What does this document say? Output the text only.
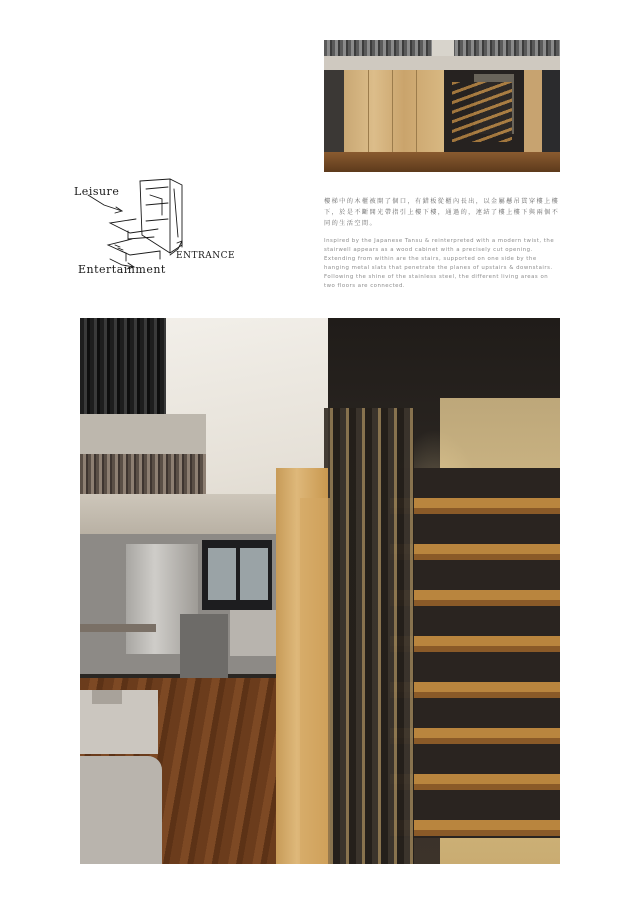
Leisure
ENTRANCE
Entertainment

樓梯中的木櫃被開了個口，有錯板從櫃內長出，以金屬懸吊貫穿樓上樓下，於是不斷開光帶指引上樓下樓，通過的，連結了樓上樓下與兩個不同的生活空間。

Inspired by the Japanese Tansu & reinterpreted with a modern twist, the stairwell appears as a wood cabinet with a precisely cut opening. Extending from within are the stairs, supported on one side by the hanging metal slats that penetrate the planes of upstairs & downstairs. Following the shine of the stainless steel, the different living areas on two floors are connected.
